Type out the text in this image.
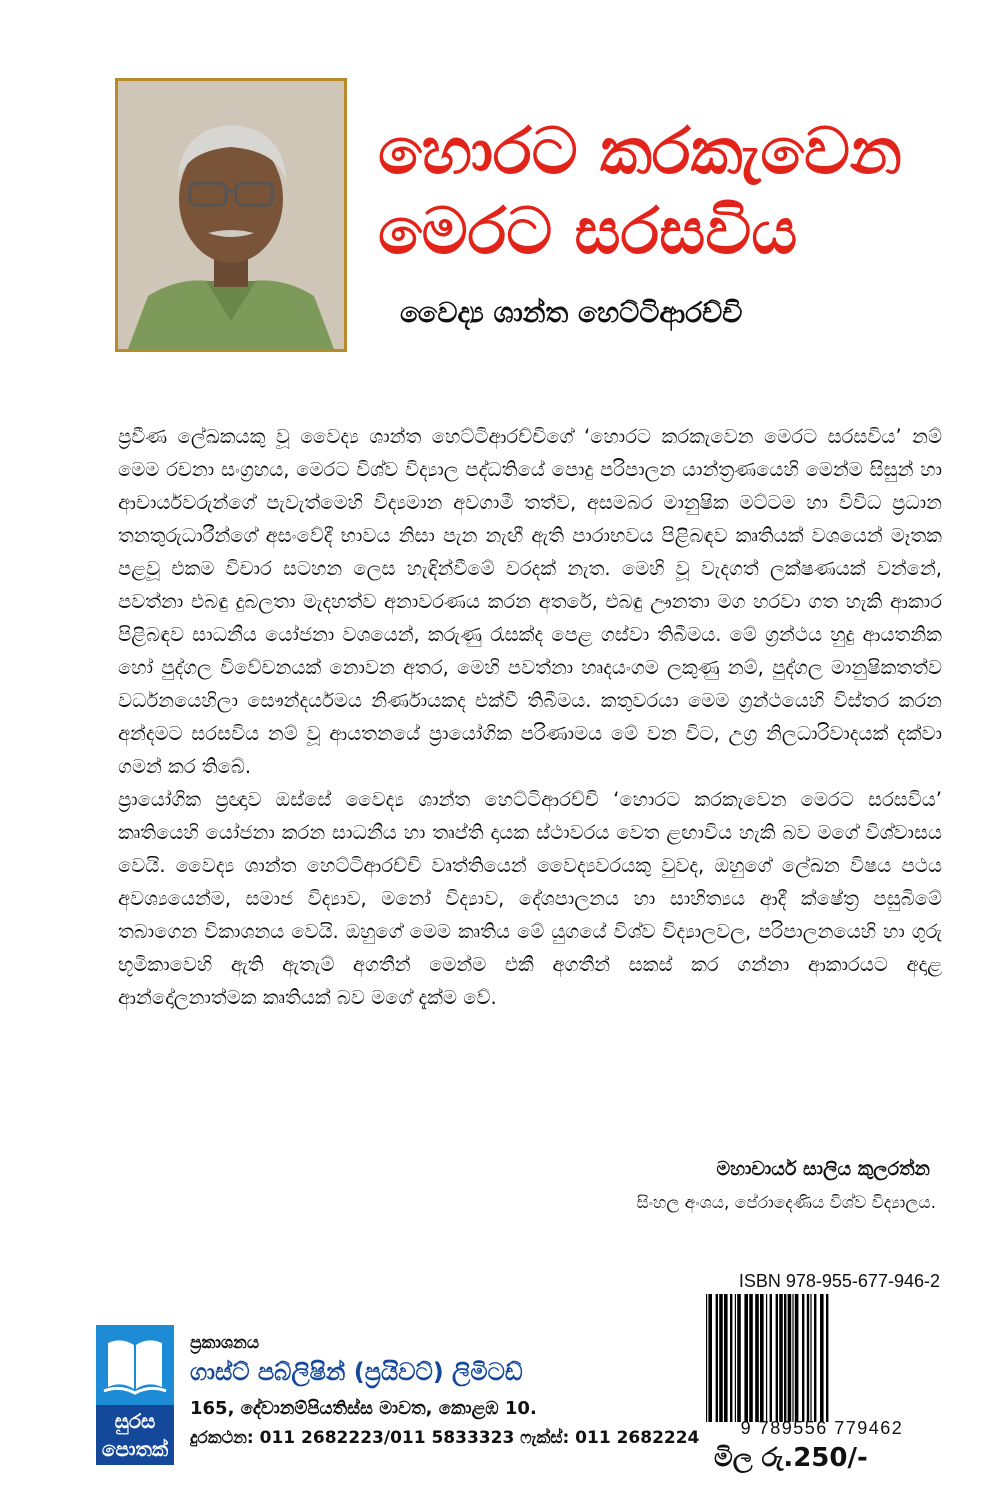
හොරට කරකැවෙන
මෙරට සරසවිය
වෛද්‍ය ශාන්ත හෙට්ටිආරච්චි

ප්‍රවීණ ලේඛකයකු වූ වෛද්‍ය ශාන්ත හෙට්ටිආරච්චිගේ ‘හොරට කරකැවෙන මෙරට සරසවිය’ නම් මෙම රචනා සංග්‍රහය, මෙරට විශ්ව විද්‍යාල පද්ධතියේ පොදු පරිපාලන යාන්ත්‍රණයෙහි මෙන්ම සිසුන් හා ආචාර්යවරුන්ගේ පැවැත්මෙහි විද්‍යමාන අවගාමී තත්ව, අසමබර මානුෂික මට්ටම හා විවිධ ප්‍රධාන තනතුරුධාරීන්ගේ අසංවේදී භාවය නිසා පැන නැඟී ඇති පාරාභවය පිළිබඳව කෘතියක් වශයෙන් මෑතක පළවූ එකම විචාර සටහන ලෙස හැඳින්වීමේ වරදක් නැත. මෙහි වූ වැදගත් ලක්ෂණයක් වන්නේ, පවත්නා එබඳු දුබලතා මැදහත්ව අනාවරණය කරන අතරේ, එබඳු ඌනතා මග හරවා ගත හැකි ආකාර පිළිබඳව සාධනීය යෝජනා වශයෙන්, කරුණු රැසක්ද පෙළ ගස්වා තිබීමය. මේ ග්‍රන්ථය හුදු ආයතනික හෝ පුද්ගල විවේචනයක් නොවන අතර, මෙහි පවත්නා හෘදයංගම ලකුණු නම්, පුද්ගල මානුෂිකතත්ව වර්ධනයෙහිලා සෞන්දර්යමය නිර්ණායකද එක්වී තිබීමය. කතුවරයා මෙම ග්‍රන්ථයෙහි විස්තර කරන අන්දමට සරසවිය නම් වූ ආයතනයේ ප්‍රායෝගික පරිණාමය මේ වන විට, උග්‍ර නිලධාරිවාදයක් දක්වා ගමන් කර තිබේ.

ප්‍රායෝගික ප්‍රඥාව ඔස්සේ වෛද්‍ය ශාන්ත හෙට්ටිආරච්චි ‘හොරට කරකැවෙන මෙරට සරසවිය’ කෘතියෙහි යෝජනා කරන සාධනීය හා තෘප්ති දායක ස්ථාවරය වෙත ළඟාවිය හැකි බව මගේ විශ්වාසය වෙයි. වෛද්‍ය ශාන්ත හෙට්ටිආරච්චි වෘත්තියෙන් වෛද්‍යවරයකු වුවද, ඔහුගේ ලේඛන විෂය පථය අවශ්‍යයෙන්ම, සමාජ විද්‍යාව, මනෝ විද්‍යාව, දේශපාලනය හා සාහිත්‍යය ආදී ක්ෂේත්‍ර පසුබිමේ තබාගෙන විකාශනය වෙයි. ඔහුගේ මෙම කෘතිය මේ යුගයේ විශ්ව විද්‍යාලවල, පරිපාලනයෙහි හා ගුරු භූමිකාවෙහි ඇති ඇතැම් අගතීන් මෙන්ම එකී අගතීන් සකස් කර ගන්නා ආකාරයට අදාළ ආන්දෝලනාත්මක කෘතියක් බව මගේ දැක්ම වේ.

මහාචාර්ය සාලිය කුලරත්න
සිංහල අංශය, පේරාදෙණිය විශ්ව විද්‍යාලය.
ISBN 978-955-677-946-2
9 789556 779462
මිල රු.250/-
සුරස
පොතක්
ප්‍රකාශනය
ගාස්ට් පබ්ලිෂින් (ප්‍රයිවට්) ලිමිටඩ්
165, දේවානම්පියතිස්ස මාවත, කොළඹ 10.
දුරකථන: 011 2682223/011 5833323 ෆැක්ස්: 011 2682224
